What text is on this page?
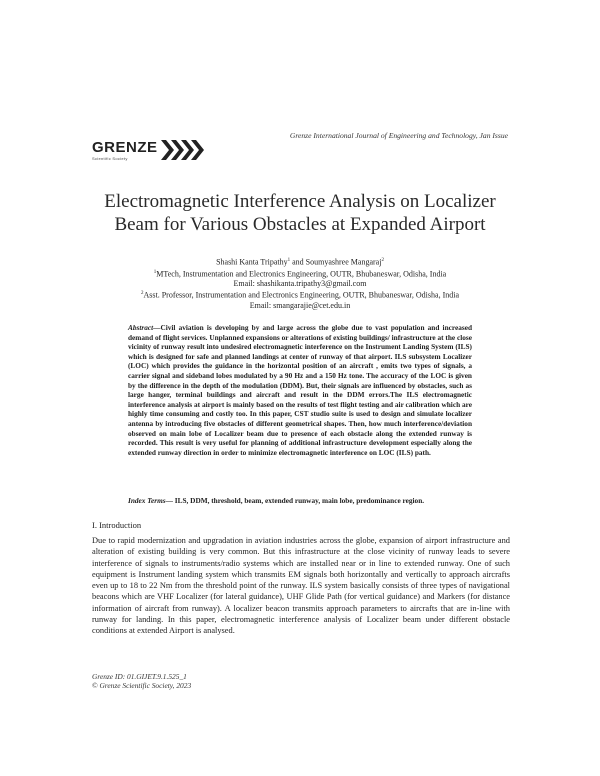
Grenze International Journal of Engineering and Technology, Jan Issue
GRENZE
Scientific Society
Electromagnetic Interference Analysis on Localizer Beam for Various Obstacles at Expanded Airport
Shashi Kanta Tripathy$^1$ and Soumyashree Mangaraj$^2$
$^1$MTech, Instrumentation and Electronics Engineering, OUTR, Bhubaneswar, Odisha, India
Email: shashikanta.tripathy3@gmail.com
$^2$Asst. Professor, Instrumentation and Electronics Engineering, OUTR, Bhubaneswar, Odisha, India
Email: smangarajie@cet.edu.in
Abstract—Civil aviation is developing by and large across the globe due to vast population and increased demand of flight services. Unplanned expansions or alterations of existing buildings/ infrastructure at the close vicinity of runway result into undesired electromagnetic interference on the Instrument Landing System (ILS) which is designed for safe and planned landings at center of runway of that airport. ILS subsystem Localizer (LOC) which provides the guidance in the horizontal position of an aircraft , emits two types of signals, a carrier signal and sideband lobes modulated by a 90 Hz and a 150 Hz tone. The accuracy of the LOC is given by the difference in the depth of the modulation (DDM). But, their signals are influenced by obstacles, such as large hanger, terminal buildings and aircraft and result in the DDM errors.The ILS electromagnetic interference analysis at airport is mainly based on the results of test flight testing and air calibration which are highly time consuming and costly too. In this paper, CST studio suite is used to design and simulate localizer antenna by introducing five obstacles of different geometrical shapes. Then, how much interference/deviation observed on main lobe of Localizer beam due to presence of each obstacle along the extended runway is recorded. This result is very useful for planning of additional infrastructure development especially along the extended runway direction in order to minimize electromagnetic interference on LOC (ILS) path.
Index Terms— ILS, DDM, threshold, beam, extended runway, main lobe, predominance region.
I. Introduction
Due to rapid modernization and upgradation in aviation industries across the globe, expansion of airport infrastructure and alteration of existing building is very common. But this infrastructure at the close vicinity of runway leads to severe interference of signals to instruments/radio systems which are installed near or in line to extended runway. One of such equipment is Instrument landing system which transmits EM signals both horizontally and vertically to approach aircrafts even up to 18 to 22 Nm from the threshold point of the runway. ILS system basically consists of three types of navigational beacons which are VHF Localizer (for lateral guidance), UHF Glide Path (for vertical guidance) and Markers (for distance information of aircraft from runway). A localizer beacon transmits approach parameters to aircrafts that are in-line with runway for landing. In this paper, electromagnetic interference analysis of Localizer beam under different obstacle conditions at extended Airport is analysed.
Grenze ID: 01.GIJET.9.1.525_1
© Grenze Scientific Society, 2023
